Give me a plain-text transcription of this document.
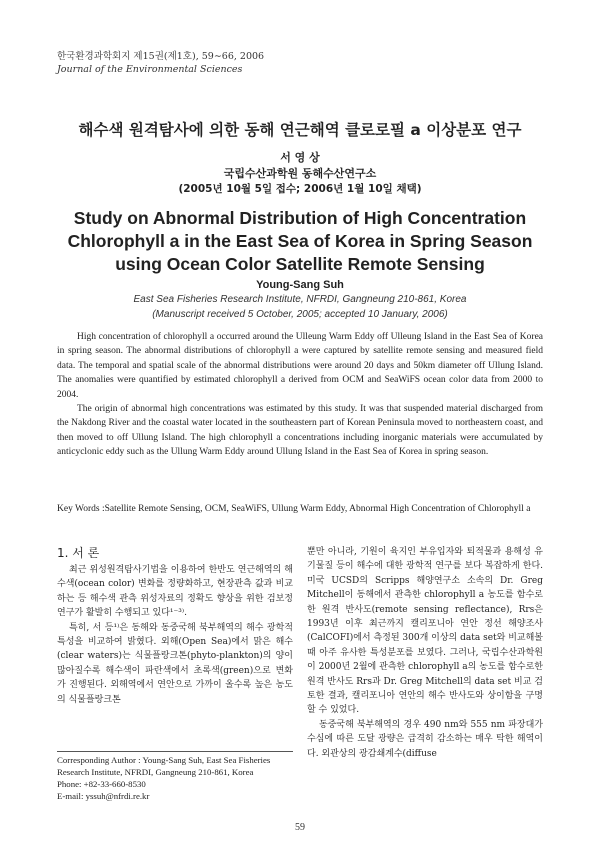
한국환경과학회지 제15권(제1호), 59∼66, 2006
Journal of the Environmental Sciences
해수색 원격탐사에 의한 동해 연근해역 클로로필 a 이상분포 연구
서 영 상
국립수산과학원 동해수산연구소
(2005년 10월 5일 접수; 2006년 1월 10일 채택)
Study on Abnormal Distribution of High Concentration
Chlorophyll a in the East Sea of Korea in Spring Season
using Ocean Color Satellite Remote Sensing
Young-Sang Suh
East Sea Fisheries Research Institute, NFRDI, Gangneung 210-861, Korea
(Manuscript received 5 October, 2005; accepted 10 January, 2006)

High concentration of chlorophyll a occurred around the Ulleung Warm Eddy off Ulleung Island in the East Sea of Korea in spring season. The abnormal distributions of chlorophyll a were captured by satellite remote sensing and measured field data. The temporal and spatial scale of the abnormal distributions were around 20 days and 50km diameter off Ullung Island. The anomalies were quantified by estimated chlorophyll a derived from OCM and SeaWiFS ocean color data from 2000 to 2004.

The origin of abnormal high concentrations was estimated by this study. It was that suspended material discharged from the Nakdong River and the coastal water located in the southeastern part of Korean Peninsula moved to northeastern coast, and then moved to off Ullung Island. The high chlorophyll a concentrations including inorganic materials were accumulated by anticyclonic eddy such as the Ullung Warm Eddy around Ullung Island in the East Sea of Korea in spring season.

Key Words : Satellite Remote Sensing, OCM, SeaWiFS, Ullung Warm Eddy, Abnormal High Concentration of Chlorophyll a

1. 서 론

최근 위성원격탐사기법을 이용하여 한반도 연근해역의 해수색(ocean color) 변화를 정량화하고, 현장관측 값과 비교하는 등 해수색 관측 위성자료의 정확도 향상을 위한 검보정 연구가 활발히 수행되고 있다¹⁻³⁾.

특히, 서 등¹⁾은 동해와 동중국해 북부해역의 해수 광학적 특성을 비교하여 밝혔다. 외해(Open Sea)에서 맑은 해수(clear waters)는 식물플랑크톤(phyto-plankton)의 양이 많아질수록 해수색이 파란색에서 초록색(green)으로 변화가 진행된다. 외해역에서 연안으로 가까이 올수록 높은 농도의 식물플랑크톤

뿐만 아니라, 기원이 육지인 부유입자와 퇴적물과 용해성 유기물질 등이 해수에 대한 광학적 연구를 보다 복잡하게 한다. 미국 UCSD의 Scripps 해양연구소 소속의 Dr. Greg Mitchell이 동해에서 관측한 chlorophyll a 농도를 함수로 한 원격 반사도(remote sensing reflectance), Rrs은 1993년 이후 최근까지 캘리포니아 연안 정선 해양조사(CalCOFI)에서 측정된 300개 이상의 data set와 비교해볼 때 아주 유사한 특성분포를 보였다. 그러나, 국립수산과학원이 2000년 2월에 관측한 chlorophyll a의 농도를 함수로한 원격 반사도 Rrs과 Dr. Greg Mitchell의 data set 비교 검토한 결과, 캘리포니아 연안의 해수 반사도와 상이함을 구명할 수 있었다.

동중국해 북부해역의 경우 490 nm와 555 nm 파장대가 수심에 따른 도달 광량은 급격히 감소하는 매우 탁한 해역이다. 외관상의 광감쇄계수(diffuse

Corresponding Author : Young-Sang Suh, East Sea Fisheries
Research Institute, NFRDI, Gangneung 210-861, Korea
Phone: +82-33-660-8530
E-mail: yssuh@nfrdi.re.kr
59
